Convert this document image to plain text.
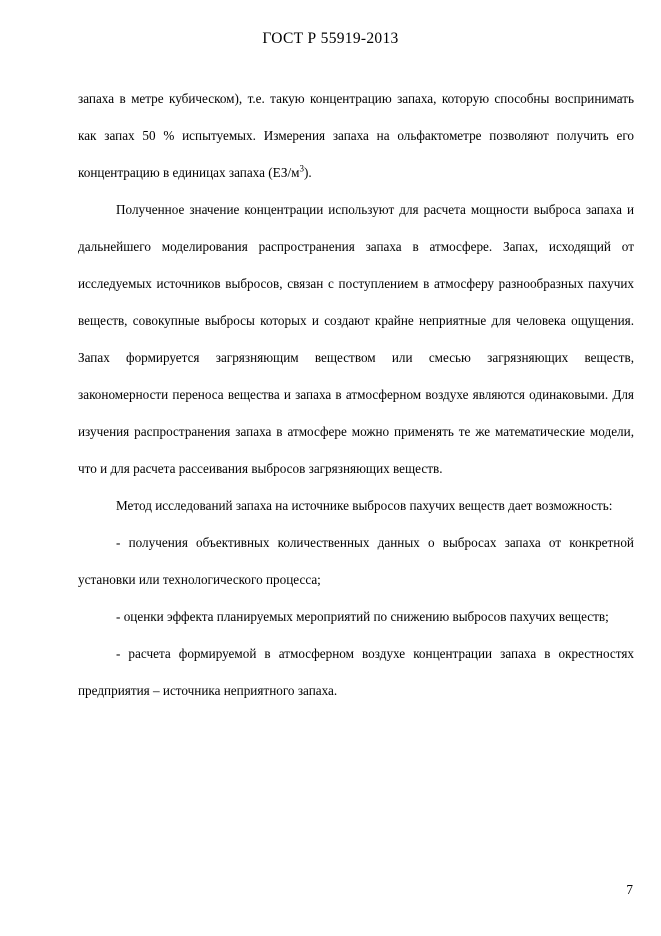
ГОСТ Р 55919-2013

запаха в метре кубическом), т.е. такую концентрацию запаха, которую способны воспринимать как запах 50 % испытуемых. Измерения запаха на ольфактометре позволяют получить его концентрацию в единицах запаха $(ЕЗ/м^3)$.

Полученное значение концентрации используют для расчета мощности выброса запаха и дальнейшего моделирования распространения запаха в атмосфере. Запах, исходящий от исследуемых источников выбросов, связан с поступлением в атмосферу разнообразных пахучих веществ, совокупные выбросы которых и создают крайне неприятные для человека ощущения. Запах формируется загрязняющим веществом или смесью загрязняющих веществ, закономерности переноса вещества и запаха в атмосферном воздухе являются одинаковыми. Для изучения распространения запаха в атмосфере можно применять те же математические модели, что и для расчета рассеивания выбросов загрязняющих веществ.

Метод исследований запаха на источнике выбросов пахучих веществ дает возможность:

- получения объективных количественных данных о выбросах запаха от конкретной установки или технологического процесса;

- оценки эффекта планируемых мероприятий по снижению выбросов пахучих веществ;

- расчета формируемой в атмосферном воздухе концентрации запаха в окрестностях предприятия – источника неприятного запаха.

7
